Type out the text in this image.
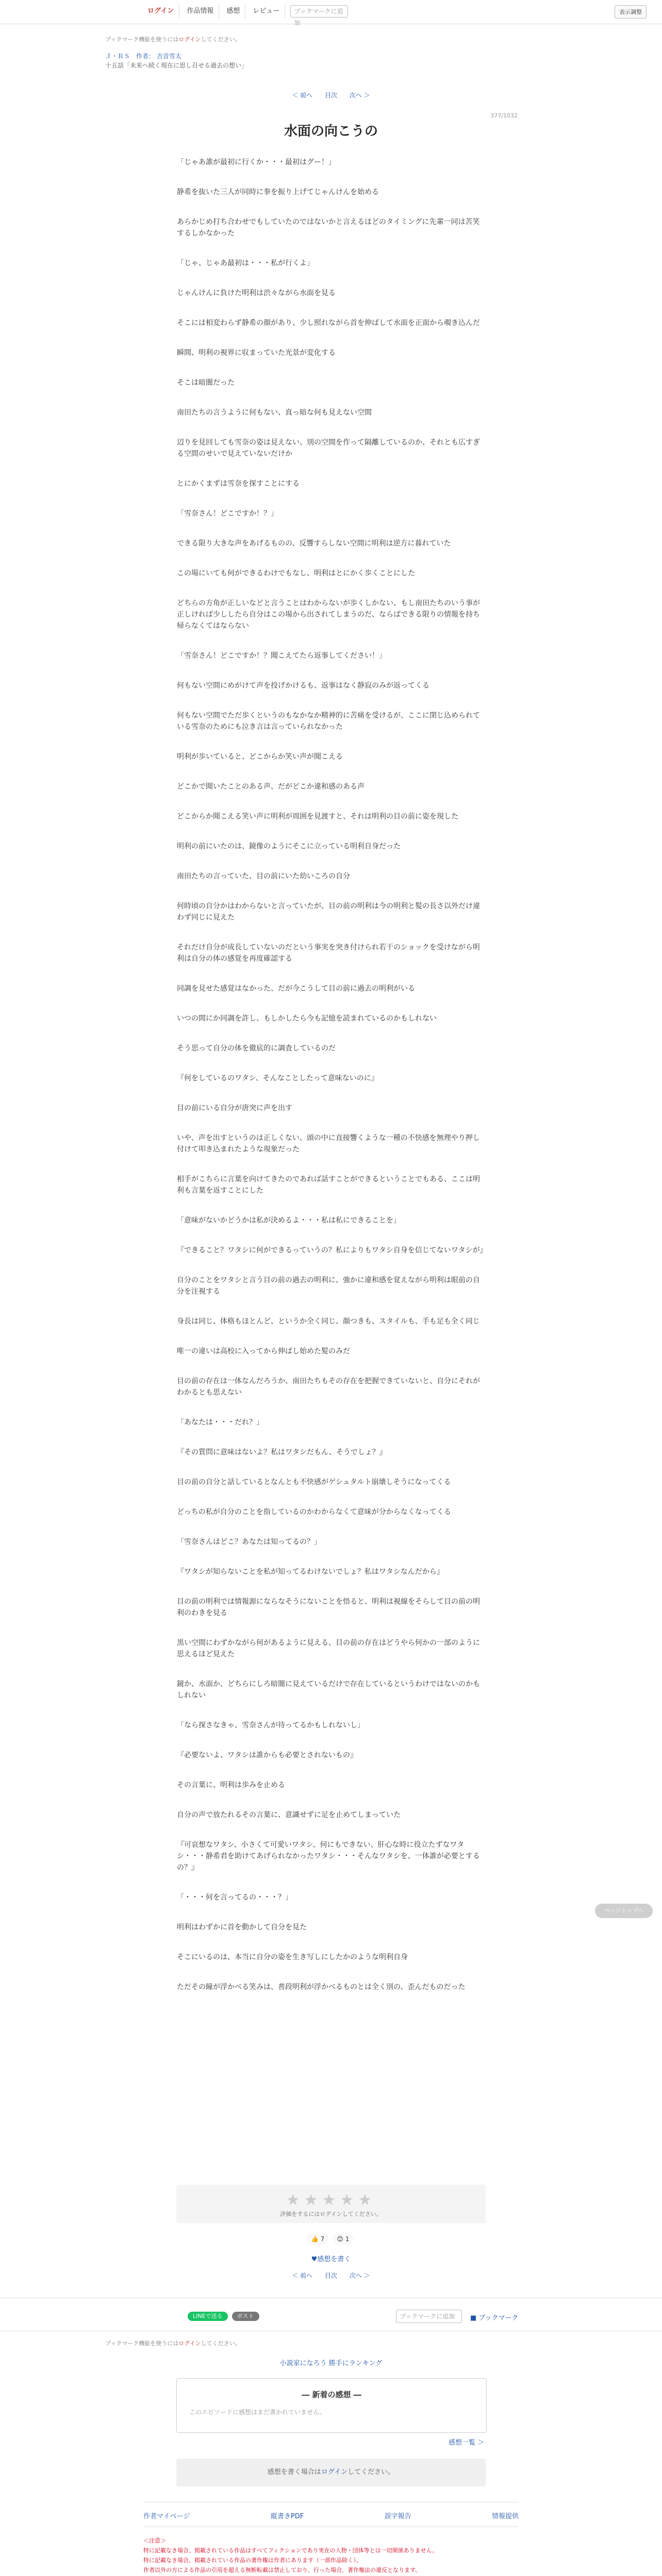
ログイン	作品情報	感想	レビュー	ブックマークに追加
表示調整
ブックマーク機能を使うにはログインしてください。
Ｊ・ＲＳ　作者： 吉音雪太
十五話「未来へ続く現在に思し召せる過去の想い」
＜ 前へ 目次 次へ ＞
377/1032
水面の向こうの

「じゃあ誰が最初に行くか・・・最初はグー！」

静希を抜いた三人が同時に拳を振り上げてじゃんけんを始める

あらかじめ打ち合わせでもしていたのではないかと言えるほどのタイミングに先輩一同は苦笑するしかなかった

「じゃ、じゃあ最初は・・・私が行くよ」

じゃんけんに負けた明利は渋々ながら水面を見る

そこには相変わらず静希の顔があり、少し照れながら首を伸ばして水面を正面から覗き込んだ

瞬間、明利の視界に収まっていた光景が変化する

そこは暗闇だった

南田たちの言うように何もない、真っ暗な何も見えない空間

辺りを見回しても雪奈の姿は見えない、別の空間を作って隔離しているのか、それとも広すぎる空間のせいで見えていないだけか

とにかくまずは雪奈を探すことにする

「雪奈さん！どこですか！？」

できる限り大きな声をあげるものの、反響すらしない空間に明利は逆方に暮れていた

この場にいても何ができるわけでもなし、明利はとにかく歩くことにした

どちらの方角が正しいなどと言うことはわからないが歩くしかない、もし南田たちのいう事が正しければ少ししたら自分はこの場から出されてしまうのだ、ならばできる限りの情報を持ち帰らなくてはならない

「雪奈さん！どこですか！？聞こえてたら返事してください！」

何もない空間にめがけて声を投げかけるも、返事はなく静寂のみが返ってくる

何もない空間でただ歩くというのもなかなか精神的に苦痛を受けるが、ここに閉じ込められている雪奈のためにも泣き言は言っていられなかった

明利が歩いていると、どこからか笑い声が聞こえる

どこかで聞いたことのある声、だがどこか違和感のある声

どこからか聞こえる笑い声に明利が周囲を見渡すと、それは明利の目の前に姿を現した

明利の前にいたのは、鏡像のようにそこに立っている明利自身だった

南田たちの言っていた、目の前にいた幼いころの自分

何時頃の自分かはわからないと言っていたが、目の前の明利は今の明利と髪の長さ以外だけ違わず同じに見えた

それだけ自分が成長していないのだという事実を突き付けられ若干のショックを受けながら明利は自分の体の感覚を再度確認する

同調を見せた感覚はなかった、だが今こうして目の前に過去の明利がいる

いつの間にか同調を許し、もしかしたら今も記憶を読まれているのかもしれない

そう思って自分の体を徹底的に調査しているのだ

『何をしているのワタシ、そんなことしたって意味ないのに』

目の前にいる自分が唐突に声を出す

いや、声を出すというのは正しくない、頭の中に直接響くような一種の不快感を無理やり押し付けて叩き込まれたような現象だった

相手がこちらに言葉を向けてきたのであれば話すことができるということでもある、ここは明利も言葉を返すことにした

「意味がないかどうかは私が決めるよ・・・私は私にできることを」

『できること？ワタシに何ができるっていうの？私によりもワタシ自身を信じてないワタシが』

自分のことをワタシと言う目の前の過去の明利に、強かに違和感を覚えながら明利は眼前の自分を注視する

身長は同じ、体格もほとんど、というか全く同じ、顔つきも、スタイルも、手も足も全く同じ

唯一の違いは高校に入ってから伸ばし始めた髪のみだ

目の前の存在は一体なんだろうか、南田たちもその存在を把握できていないと、自分にそれがわかるとも思えない

「あなたは・・・だれ？」

『その質問に意味はないよ？私はワタシだもん、そうでしょ？』

目の前の自分と話しているとなんとも不快感がゲシュタルト崩壊しそうになってくる

どっちの私が自分のことを指しているのかわからなくて意味が分からなくなってくる

「雪奈さんはどこ？あなたは知ってるの？」

『ワタシが知らないことを私が知ってるわけないでしょ？私はワタシなんだから』

目の前の明利では情報源にならなそうにないことを悟ると、明利は視線をそらして目の前の明利のわきを見る

黒い空間にわずかながら何があるように見える、目の前の存在はどうやら何かの一部のように思えるほど見えた

鏡か、水面か、どちらにしろ暗闇に見えているだけで存在しているというわけではないのかもしれない

「なら探さなきゃ、雪奈さんが待ってるかもしれないし」

『必要ないよ、ワタシは誰からも必要とされないもの』

その言葉に、明利は歩みを止める

自分の声で放たれるその言葉に、意識せずに足を止めてしまっていた

『可哀想なワタシ、小さくて可愛いワタシ、何にもできない、肝心な時に役立たずなワタシ・・・静希君を助けてあげられなかったワタシ・・・そんなワタシを、一体誰が必要とするの？』

「・・・何を言ってるの・・・？」

明利はわずかに首を動かして自分を見た

そこにいるのは、本当に自分の姿を生き写しにしたかのような明利自身

ただその瞳が浮かべる笑みは、普段明利が浮かべるものとは全く別の、歪んだものだった

ページトップへ
★★★★★
評価をするにはログインしてください。
👍 7	😊 1
♥感想を書く
＜ 前へ 目次 次へ ＞
LINEで送る	ポスト	ブックマークに追加	■ ブックマーク
ブックマーク機能を使うにはログインしてください。
小説家になろう 勝手にランキング
― 新着の感想 ―
このエピソードに感想はまだ書かれていません。
感想一覧 ＞
感想を書く場合はログインしてください。
作者マイページ	縦書きPDF	誤字報告	情報提供
＜注意＞
特に記載なき場合、掲載されている作品はすべてフィクションであり実在の人物・団体等とは一切関係ありません。
特に記載なき場合、掲載されている作品の著作権は作者にあります（一部作品除く）。
作者以外の方による作品の引用を超える無断転載は禁止しており、行った場合、著作権法の違反となります。
